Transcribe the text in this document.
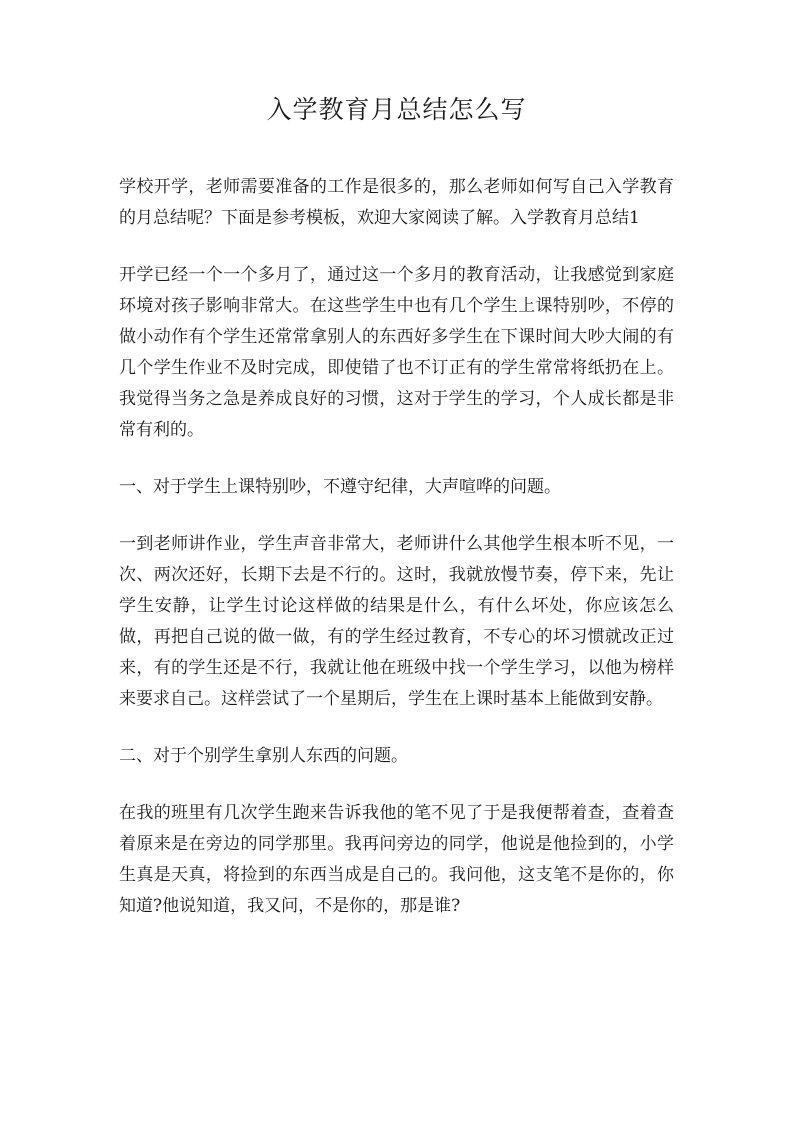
入学教育月总结怎么写

学校开学，老师需要准备的工作是很多的，那么老师如何写自己入学教育的月总结呢？下面是参考模板，欢迎大家阅读了解。入学教育月总结1

开学已经一个一个多月了，通过这一个多月的教育活动，让我感觉到家庭环境对孩子影响非常大。在这些学生中也有几个学生上课特别吵，不停的做小动作有个学生还常常拿别人的东西好多学生在下课时间大吵大闹的有几个学生作业不及时完成，即使错了也不订正有的学生常常将纸扔在上。我觉得当务之急是养成良好的习惯，这对于学生的学习，个人成长都是非常有利的。

一、对于学生上课特别吵，不遵守纪律，大声喧哗的问题。

一到老师讲作业，学生声音非常大，老师讲什么其他学生根本听不见，一次、两次还好，长期下去是不行的。这时，我就放慢节奏，停下来，先让学生安静，让学生讨论这样做的结果是什么，有什么坏处，你应该怎么做，再把自己说的做一做，有的学生经过教育，不专心的坏习惯就改正过来，有的学生还是不行，我就让他在班级中找一个学生学习，以他为榜样来要求自己。这样尝试了一个星期后，学生在上课时基本上能做到安静。

二、对于个别学生拿别人东西的问题。

在我的班里有几次学生跑来告诉我他的笔不见了于是我便帮着查，查着查着原来是在旁边的同学那里。我再问旁边的同学，他说是他捡到的，小学生真是天真，将捡到的东西当成是自己的。我问他，这支笔不是你的，你知道?他说知道，我又问，不是你的，那是谁?
